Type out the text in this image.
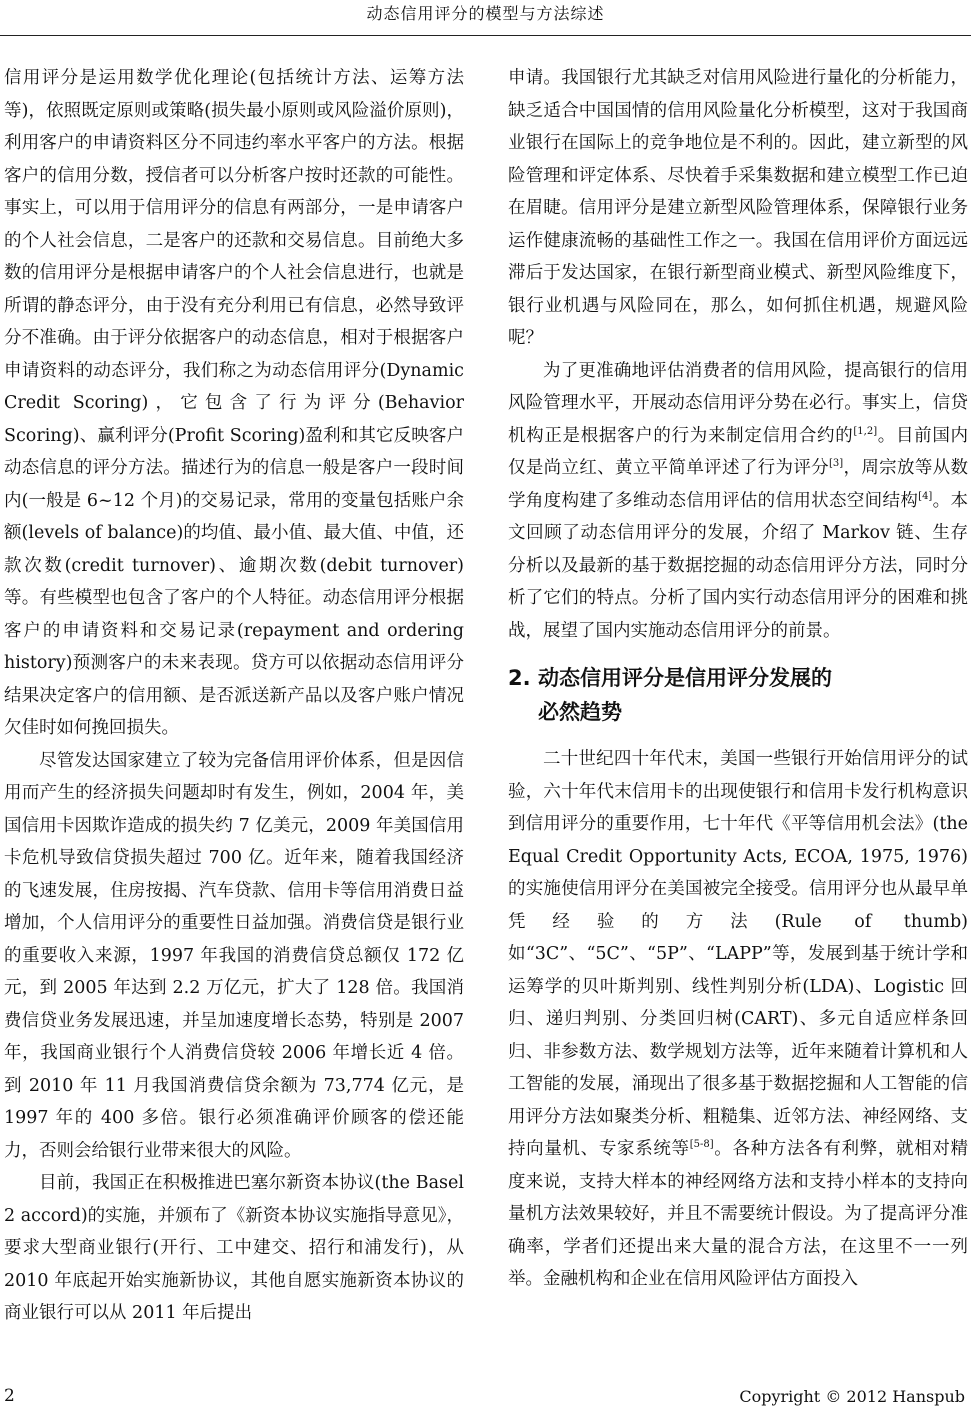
动态信用评分的模型与方法综述

信用评分是运用数学优化理论(包括统计方法、运筹方法等)，依照既定原则或策略(损失最小原则或风险溢价原则)，利用客户的申请资料区分不同违约率水平客户的方法。根据客户的信用分数，授信者可以分析客户按时还款的可能性。事实上，可以用于信用评分的信息有两部分，一是申请客户的个人社会信息，二是客户的还款和交易信息。目前绝大多数的信用评分是根据申请客户的个人社会信息进行，也就是所谓的静态评分，由于没有充分利用已有信息，必然导致评分不准确。由于评分依据客户的动态信息，相对于根据客户申请资料的动态评分，我们称之为动态信用评分(Dynamic Credit Scoring)，它包含了行为评分(Behavior Scoring)、赢利评分(Profit Scoring)盈利和其它反映客户动态信息的评分方法。描述行为的信息一般是客户一段时间内(一般是 6~12 个月)的交易记录，常用的变量包括账户余额(levels of balance)的均值、最小值、最大值、中值，还款次数(credit turnover)、逾期次数(debit turnover)等。有些模型也包含了客户的个人特征。动态信用评分根据客户的申请资料和交易记录(repayment and ordering history)预测客户的未来表现。贷方可以依据动态信用评分结果决定客户的信用额、是否派送新产品以及客户账户情况欠佳时如何挽回损失。

尽管发达国家建立了较为完备信用评价体系，但是因信用而产生的经济损失问题却时有发生，例如，2004 年，美国信用卡因欺诈造成的损失约 7 亿美元，2009 年美国信用卡危机导致信贷损失超过 700 亿。近年来，随着我国经济的飞速发展，住房按揭、汽车贷款、信用卡等信用消费日益增加，个人信用评分的重要性日益加强。消费信贷是银行业的重要收入来源，1997 年我国的消费信贷总额仅 172 亿元，到 2005 年达到 2.2 万亿元，扩大了 128 倍。我国消费信贷业务发展迅速，并呈加速度增长态势，特别是 2007 年，我国商业银行个人消费信贷较 2006 年增长近 4 倍。到 2010 年 11 月我国消费信贷余额为 73,774 亿元，是 1997 年的 400 多倍。银行必须准确评价顾客的偿还能力，否则会给银行业带来很大的风险。

目前，我国正在积极推进巴塞尔新资本协议(the Basel 2 accord)的实施，并颁布了《新资本协议实施指导意见》，要求大型商业银行(开行、工中建交、招行和浦发行)，从 2010 年底起开始实施新协议，其他自愿实施新资本协议的商业银行可以从 2011 年后提出

申请。我国银行尤其缺乏对信用风险进行量化的分析能力，缺乏适合中国国情的信用风险量化分析模型，这对于我国商业银行在国际上的竞争地位是不利的。因此，建立新型的风险管理和评定体系、尽快着手采集数据和建立模型工作已迫在眉睫。信用评分是建立新型风险管理体系，保障银行业务运作健康流畅的基础性工作之一。我国在信用评价方面远远滞后于发达国家，在银行新型商业模式、新型风险维度下，银行业机遇与风险同在，那么，如何抓住机遇，规避风险呢？

为了更准确地评估消费者的信用风险，提高银行的信用风险管理水平，开展动态信用评分势在必行。事实上，信贷机构正是根据客户的行为来制定信用合约的[1,2]。目前国内仅是尚立红、黄立平简单评述了行为评分[3]，周宗放等从数学角度构建了多维动态信用评估的信用状态空间结构[4]。本文回顾了动态信用评分的发展，介绍了 Markov 链、生存分析以及最新的基于数据挖掘的动态信用评分方法，同时分析了它们的特点。分析了国内实行动态信用评分的困难和挑战，展望了国内实施动态信用评分的前景。

2. 动态信用评分是信用评分发展的
必然趋势

二十世纪四十年代末，美国一些银行开始信用评分的试验，六十年代末信用卡的出现使银行和信用卡发行机构意识到信用评分的重要作用，七十年代《平等信用机会法》(the Equal Credit Opportunity Acts, ECOA, 1975, 1976)的实施使信用评分在美国被完全接受。信用评分也从最早单凭经验的方法(Rule of thumb)如“3C”、“5C”、“5P”、“LAPP”等，发展到基于统计学和运筹学的贝叶斯判别、线性判别分析(LDA)、Logistic 回归、递归判别、分类回归树(CART)、多元自适应样条回归、非参数方法、数学规划方法等，近年来随着计算机和人工智能的发展，涌现出了很多基于数据挖掘和人工智能的信用评分方法如聚类分析、粗糙集、近邻方法、神经网络、支持向量机、专家系统等[5-8]。各种方法各有利弊，就相对精度来说，支持大样本的神经网络方法和支持小样本的支持向量机方法效果较好，并且不需要统计假设。为了提高评分准确率，学者们还提出来大量的混合方法，在这里不一一列举。金融机构和企业在信用风险评估方面投入

2	Copyright © 2012 Hanspub
